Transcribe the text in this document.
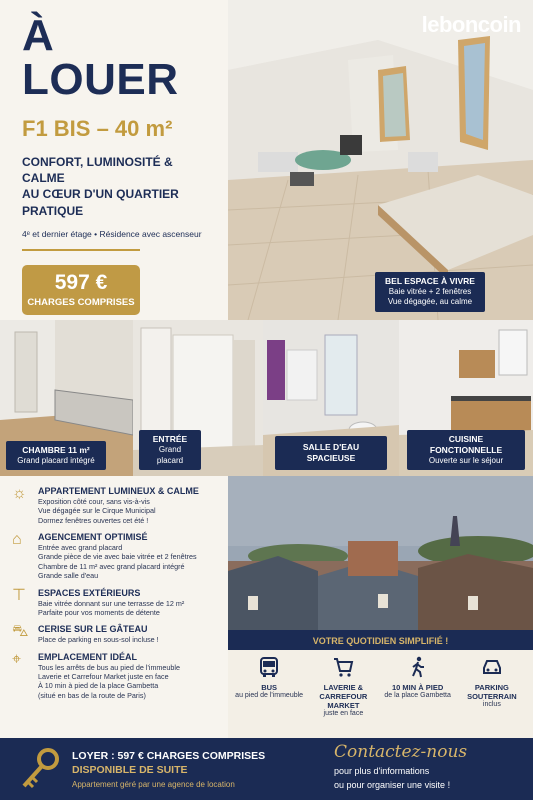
À LOUER
F1 BIS – 40 m²
CONFORT, LUMINOSITÉ & CALME
AU CŒUR D'UN QUARTIER PRATIQUE
4ᵉ et dernier étage • Résidence avec ascenseur
597 €
CHARGES COMPRISES
leboncoin
BEL ESPACE À VIVRE
Baie vitrée + 2 fenêtres
Vue dégagée, au calme
CHAMBRE 11 m²
Grand placard intégré
ENTRÉE
Grand placard
SALLE D'EAU SPACIEUSE
CUISINE FONCTIONNELLE
Ouverte sur le séjour
☼	APPARTEMENT LUMINEUX & CALME
Exposition côté cour, sans vis-à-vis
Vue dégagée sur le Cirque Municipal
Dormez fenêtres ouvertes cet été !
⌂	AGENCEMENT OPTIMISÉ
Entrée avec grand placard
Grande pièce de vie avec baie vitrée et 2 fenêtres
Chambre de 11 m² avec grand placard intégré
Grande salle d'eau
⊤	ESPACES EXTÉRIEURS
Baie vitrée donnant sur une terrasse de 12 m²
Parfaite pour vos moments de détente
⛍	CERISE SUR LE GÂTEAU
Place de parking en sous-sol incluse !
⌖	EMPLACEMENT IDÉAL
Tous les arrêts de bus au pied de l'immeuble
Laverie et Carrefour Market juste en face
À 10 min à pied de la place Gambetta
(situé en bas de la route de Paris)
VOTRE QUOTIDIEN SIMPLIFIÉ !
BUS
au pied de l'immeuble
LAVERIE & CARREFOUR MARKET
juste en face
10 MIN À PIED
de la place Gambetta
PARKING SOUTERRAIN
inclus
LOYER : 597 € CHARGES COMPRISES
DISPONIBLE DE SUITE
Appartement géré par une agence de location
Contactez-nous
pour plus d'informations
ou pour organiser une visite !
